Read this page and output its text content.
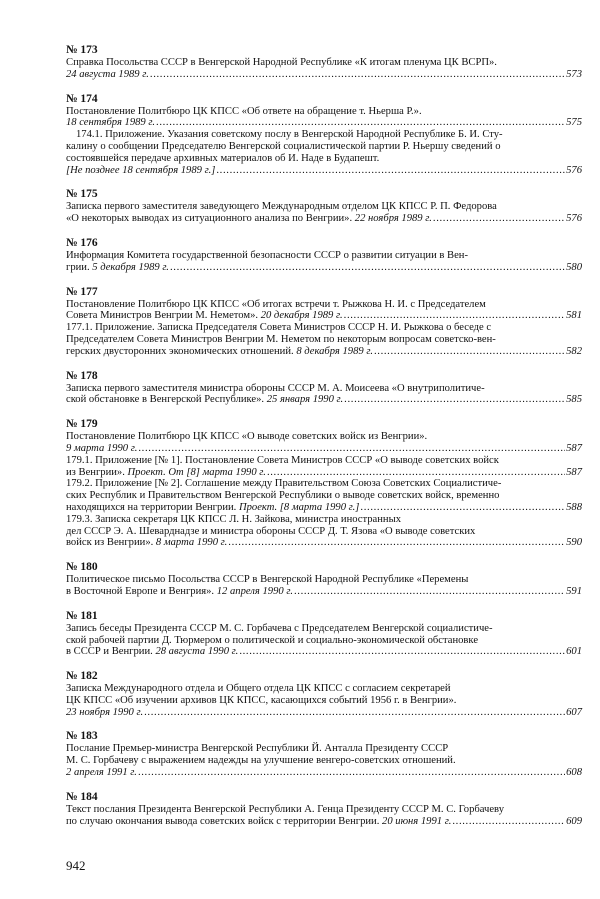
№ 173
Справка Посольства СССР в Венгерской Народной Республике «К итогам пленума ЦК ВСРП».
24 августа 1989 г. . . .	573
№ 174
Постановление Политбюро ЦК КПСС «Об ответе на обращение т. Ньерша Р.».
18 сентября 1989 г. . . .	575
174.1. Приложение. Указания советскому послу в Венгерской Народной Республике Б. И. Сту-
калину о сообщении Председателю Венгерской социалистической партии Р. Ньершу сведений о
состоявшейся передаче архивных материалов об И. Наде в Будапешт.
[Не позднее 18 сентября 1989 г.] . . .	576
№ 175
Записка первого заместителя заведующего Международным отделом ЦК КПСС Р. П. Федорова
«О некоторых выводах из ситуационного анализа по Венгрии».
22 ноября 1989 г. . . .	576
№ 176
Информация Комитета государственной безопасности СССР о развитии ситуации в Вен-
грии.
5 декабря 1989 г. . . .	580
№ 177
Постановление Политбюро ЦК КПСС «Об итогах встречи т. Рыжкова Н. И. с Председателем
Совета Министров Венгрии М. Неметом».
20 декабря 1989 г. . . .	581
177.1. Приложение. Записка Председателя Совета Министров СССР Н. И. Рыжкова о беседе с
Председателем Совета Министров Венгрии М. Неметом по некоторым вопросам советско-вен-
герских двусторонних экономических отношений.
8 декабря 1989 г. . . .	582
№ 178
Записка первого заместителя министра обороны СССР М. А. Моисеева «О внутриполитиче-
ской обстановке в Венгерской Республике».
25 января 1990 г. . . .	585
№ 179
Постановление Политбюро ЦК КПСС «О выводе советских войск из Венгрии».
9 марта 1990 г. . . .	587
179.1. Приложение [№ 1]. Постановление Совета Министров СССР «О выводе советских войск
из Венгрии».
Проект. От [8] марта 1990 г. . . .	587
179.2. Приложение [№ 2]. Соглашение между Правительством Союза Советских Социалистиче-
ских Республик и Правительством Венгерской Республики о выводе советских войск, временно
находящихся на территории Венгрии.
Проект. [8 марта 1990 г.] . . .	588
179.3. Записка секретаря ЦК КПСС Л. Н. Зайкова, министра иностранных
дел СССР Э. А. Шеварднадзе и министра обороны СССР Д. Т. Язова «О выводе советских
войск из Венгрии».
8 марта 1990 г. . . .	590
№ 180
Политическое письмо Посольства СССР в Венгерской Народной Республике «Перемены
в Восточной Европе и Венгрия».
12 апреля 1990 г. . . .	591
№ 181
Запись беседы Президента СССР М. С. Горбачева с Председателем Венгерской социалистиче-
ской рабочей партии Д. Тюрмером о политической и социально-экономической обстановке
в СССР и Венгрии.
28 августа 1990 г. . . .	601
№ 182
Записка Международного отдела и Общего отдела ЦК КПСС с согласием секретарей
ЦК КПСС «Об изучении архивов ЦК КПСС, касающихся событий 1956 г. в Венгрии».
23 ноября 1990 г. . . .	607
№ 183
Послание Премьер-министра Венгерской Республики Й. Анталла Президенту СССР
М. С. Горбачеву с выражением надежды на улучшение венгеро-советских отношений.
2 апреля 1991 г. . . .	608
№ 184
Текст послания Президента Венгерской Республики А. Генца Президенту СССР М. С. Горбачеву
по случаю окончания вывода советских войск с территории Венгрии.
20 июня 1991 г. . . .	609
942
